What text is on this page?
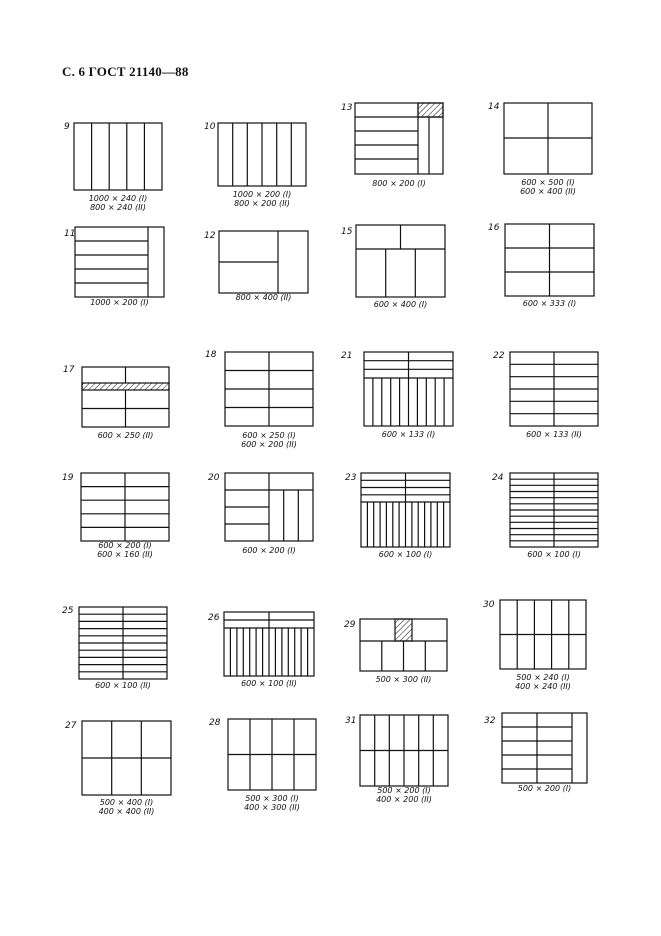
С. 6 ГОСТ 21140—88
9
1000 × 240 (I)
800 × 240 (II)
10
1000 × 200 (I)
800 × 200 (II)
13
800 × 200 (I)
14
600 × 500 (I)
600 × 400 (II)
11
1000 × 200 (I)
12
800 × 400 (II)
15
600 × 400 (I)
16
600 × 333 (I)
17
600 × 250 (II)
18
600 × 250 (I)
600 × 200 (II)
21
600 × 133 (I)
22
600 × 133 (II)
19
600 × 200 (I)
600 × 160 (II)
20
600 × 200 (I)
23
600 × 100 (I)
24
600 × 100 (I)
25
600 × 100 (II)
26
600 × 100 (II)
29
500 × 300 (II)
30
500 × 240 (I)
400 × 240 (II)
27
500 × 400 (I)
400 × 400 (II)
28
500 × 300 (I)
400 × 300 (II)
31
500 × 200 (I)
400 × 200 (II)
32
500 × 200 (I)
